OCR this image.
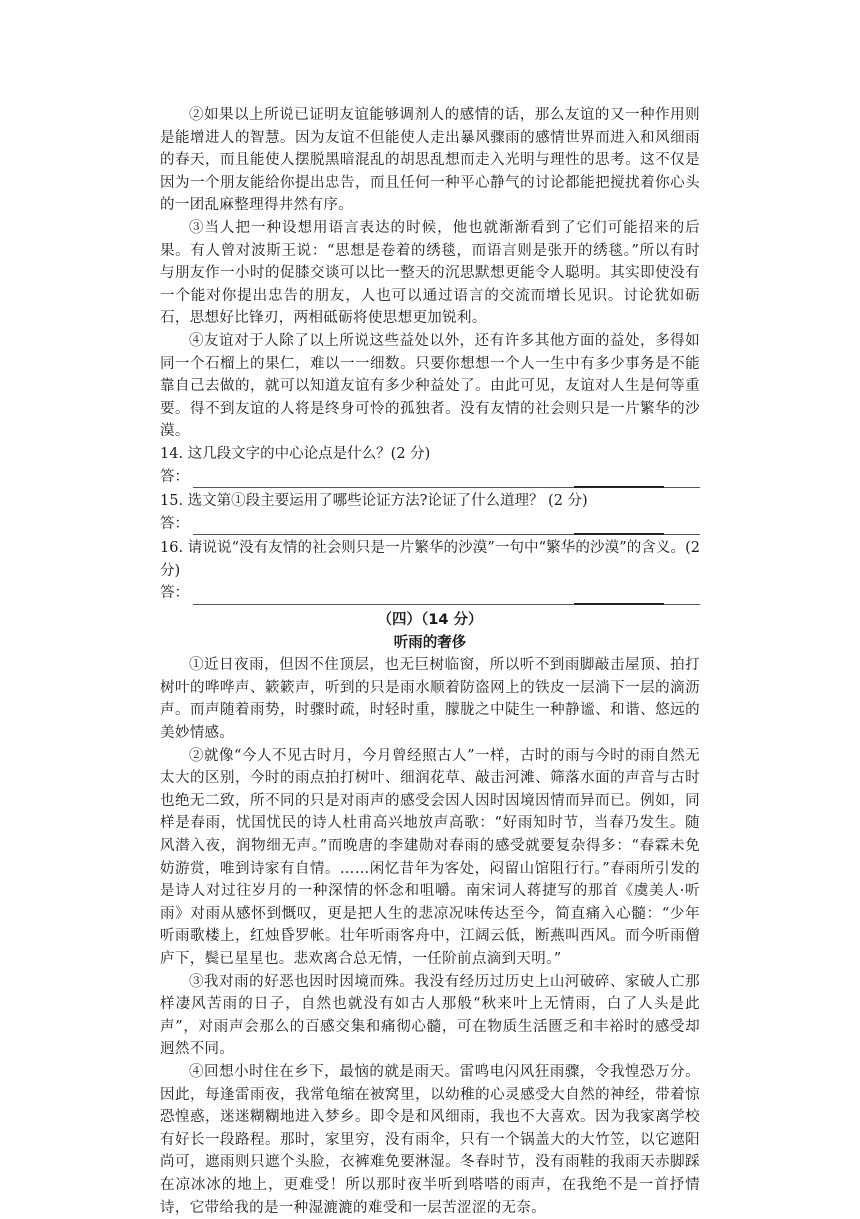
②如果以上所说已证明友谊能够调剂人的感情的话，那么友谊的又一种作用则是能增进人的智慧。因为友谊不但能使人走出暴风骤雨的感情世界而进入和风细雨的春天，而且能使人摆脱黑暗混乱的胡思乱想而走入光明与理性的思考。这不仅是因为一个朋友能给你提出忠告，而且任何一种平心静气的讨论都能把搅扰着你心头的一团乱麻整理得井然有序。

③当人把一种设想用语言表达的时候，他也就渐渐看到了它们可能招来的后果。有人曾对波斯王说：“思想是卷着的绣毯，而语言则是张开的绣毯。”所以有时与朋友作一小时的促膝交谈可以比一整天的沉思默想更能令人聪明。其实即使没有一个能对你提出忠告的朋友，人也可以通过语言的交流而增长见识。讨论犹如砺石，思想好比锋刃，两相砥砺将使思想更加锐利。

④友谊对于人除了以上所说这些益处以外，还有许多其他方面的益处，多得如同一个石榴上的果仁，难以一一细数。只要你想想一个人一生中有多少事务是不能靠自己去做的，就可以知道友谊有多少种益处了。由此可见，友谊对人生是何等重要。得不到友谊的人将是终身可怜的孤独者。没有友情的社会则只是一片繁华的沙漠。

14. 这几段文字的中心论点是什么？(2 分)

答：

15. 选文第①段主要运用了哪些论证方法?论证了什么道理？ (2 分)

答：

16. 请说说“没有友情的社会则只是一片繁华的沙漠”一句中“繁华的沙漠”的含义。(2 分)

答：

（四）（14 分）

听雨的奢侈

①近日夜雨，但因不住顶层，也无巨树临窗，所以听不到雨脚敲击屋顶、拍打树叶的哗哗声、簌簌声，听到的只是雨水顺着防盗网上的铁皮一层淌下一层的滴沥声。而声随着雨势，时骤时疏，时轻时重，朦胧之中陡生一种静谧、和谐、悠远的美妙情感。

②就像“今人不见古时月，今月曾经照古人”一样，古时的雨与今时的雨自然无太大的区别，今时的雨点拍打树叶、细润花草、敲击河滩、筛落水面的声音与古时也绝无二致，所不同的只是对雨声的感受会因人因时因境因情而异而已。例如，同样是春雨，忧国忧民的诗人杜甫高兴地放声高歌：“好雨知时节，当春乃发生。随风潜入夜，润物细无声。”而晚唐的李建勋对春雨的感受就要复杂得多：“春霖未免妨游赏，唯到诗家有自情。……闲忆昔年为客处，闷留山馆阻行行。”春雨所引发的是诗人对过往岁月的一种深情的怀念和咀嚼。南宋词人蒋捷写的那首《虞美人·听雨》对雨从感怀到慨叹，更是把人生的悲凉况味传达至今，简直痛入心髓：“少年听雨歌楼上，红烛昏罗帐。壮年听雨客舟中，江阔云低，断燕叫西风。而今听雨僧庐下，鬓已星星也。悲欢离合总无情，一任阶前点滴到天明。”

③我对雨的好恶也因时因境而殊。我没有经历过历史上山河破碎、家破人亡那样凄风苦雨的日子，自然也就没有如古人那般“秋来叶上无情雨，白了人头是此声”，对雨声会那么的百感交集和痛彻心髓，可在物质生活匮乏和丰裕时的感受却迥然不同。

④回想小时住在乡下，最恼的就是雨天。雷鸣电闪风狂雨骤，令我惶恐万分。因此，每逢雷雨夜，我常龟缩在被窝里，以幼稚的心灵感受大自然的神经，带着惊恐惶惑，迷迷糊糊地进入梦乡。即令是和风细雨，我也不大喜欢。因为我家离学校有好长一段路程。那时，家里穷，没有雨伞，只有一个锅盖大的大竹笠，以它遮阳尚可，遮雨则只遮个头脸，衣裤难免要淋湿。冬春时节，没有雨鞋的我雨天赤脚踩在凉冰冰的地上，更难受！所以那时夜半听到嗒嗒的雨声，在我绝不是一首抒情诗，它带给我的是一种湿漉漉的难受和一层苦涩涩的无奈。
